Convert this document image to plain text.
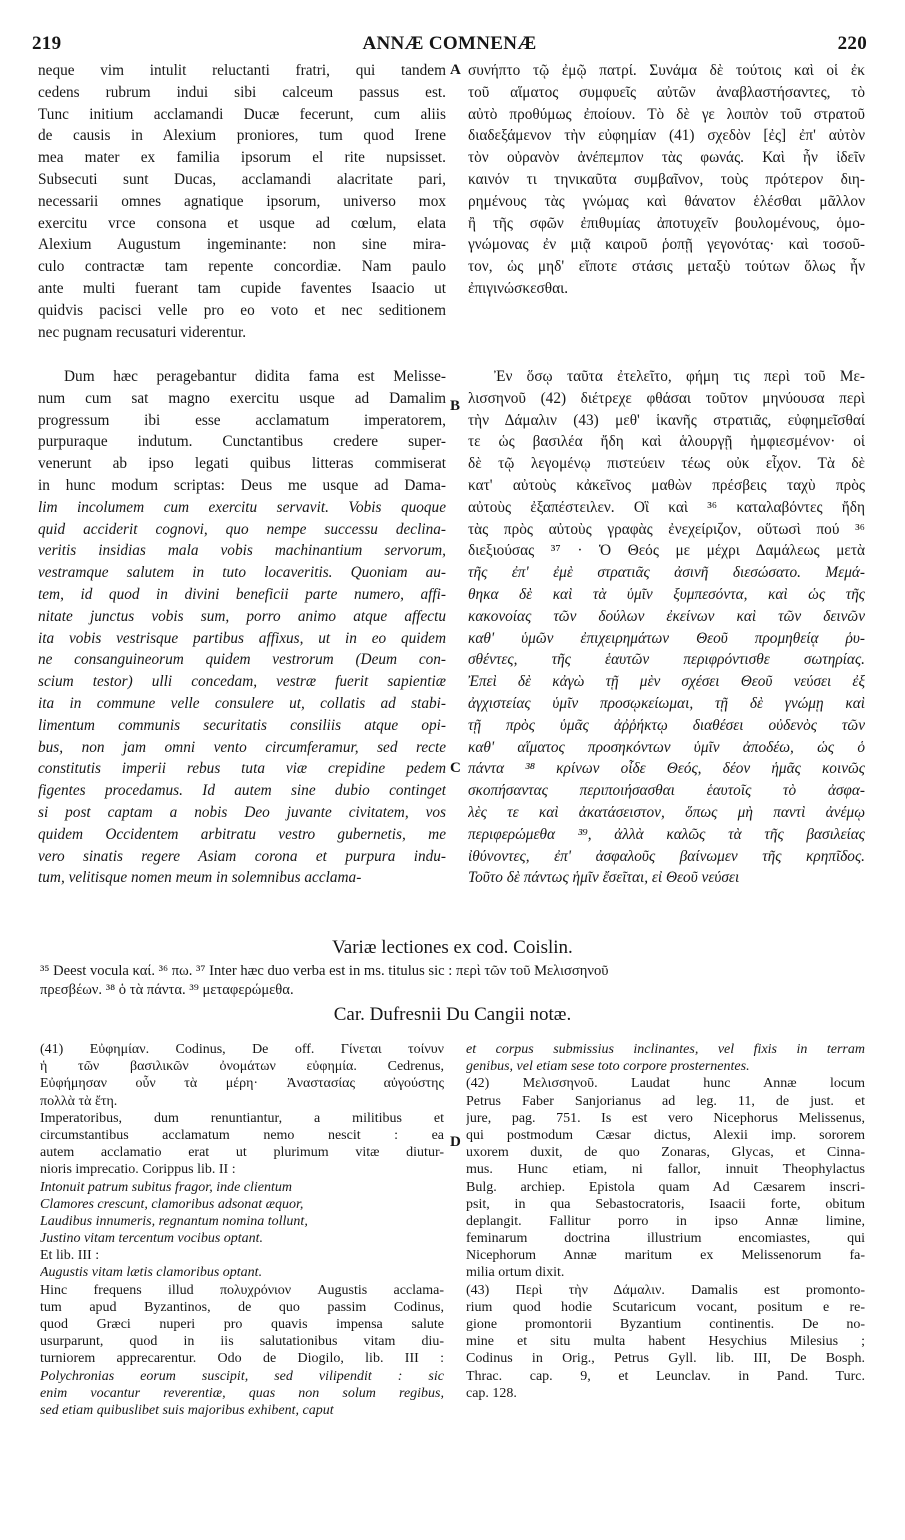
219	ANNÆ COMNENÆ	220
neque vim intulit reluctanti fratri, qui tandem
cedens rubrum indui sibi calceum passus est.
Tunc initium acclamandi Ducæ fecerunt, cum aliis
de causis in Alexium proniores, tum quod Irene
mea mater ex familia ipsorum el rite nupsisset.
Subsecuti sunt Ducas, acclamandi alacritate pari,
necessarii omnes agnatique ipsorum, universo mox
exercitu vᴦce consona et usque ad cœlum, elata
Alexium Augustum ingeminante: non sine mira-
culo contractæ tam repente concordiæ. Nam paulo
ante multi fuerant tam cupide faventes Isaacio ut
quidvis pacisci velle pro eo voto et nec seditionem
nec pugnam recusaturi viderentur.
Dum hæc peragebantur didita fama est Melisse-
num cum sat magno exercitu usque ad Damalim
progressum ibi esse acclamatum imperatorem,
purpuraque indutum. Cunctantibus credere super-
venerunt ab ipso legati quibus litteras commiserat
in hunc modum scriptas: Deus me usque ad Dama-
lim incolumem cum exercitu servavit. Vobis quoque
quid acciderit cognovi, quo nempe successu declina-
veritis insidias mala vobis machinantium servorum,
vestramque salutem in tuto locaveritis. Quoniam au-
tem, id quod in divini beneficii parte numero, affi-
nitate junctus vobis sum, porro animo atque affectu
ita vobis vestrisque partibus affixus, ut in eo quidem
ne consanguineorum quidem vestrorum (Deum con-
scium testor) ulli concedam, vestræ fuerit sapientiæ
ita in commune velle consulere ut, collatis ad stabi-
limentum communis securitatis consiliis atque opi-
bus, non jam omni vento circumferamur, sed recte
constitutis imperii rebus tuta viæ crepidine pedem
figentes procedamus. Id autem sine dubio continget
si post captam a nobis Deo juvante civitatem, vos
quidem Occidentem arbitratu vestro gubernetis, me
vero sinatis regere Asiam corona et purpura indu-
tum, velitisque nomen meum in solemnibus acclama-
συνήπτο τῷ ἐμῷ πατρί. Συνάμα δὲ τούτοις καὶ οἱ ἐκ
τοῦ αἵματος συμφυεῖς αὐτῶν ἀναβλαστήσαντες, τὸ
αὐτὸ προθύμως ἐποίουν. Τὸ δὲ γε λοιπὸν τοῦ στρατοῦ
διαδεξάμενον τὴν εὐφημίαν (41) σχεδὸν [ἐς] ἐπ' αὐτὸν
τὸν οὐρανὸν ἀνέπεμπον τὰς φωνάς. Καὶ ἦν ἰδεῖν
καινόν τι τηνικαῦτα συμβαῖνον, τοὺς πρότερον διη-
ρημένους τὰς γνώμας καὶ θάνατον ἑλέσθαι μᾶλλον
ἢ τῆς σφῶν ἐπιθυμίας ἀποτυχεῖν βουλομένους, ὁμο-
γνώμονας ἐν μιᾷ καιροῦ ῥοπῇ γεγονότας· καὶ τοσοῦ-
τον, ὡς μηδ' εἴποτε στάσις μεταξὺ τούτων ὅλως ἦν
ἐπιγινώσκεσθαι.
Ἐν ὅσῳ ταῦτα ἐτελεῖτο, φήμη τις περὶ τοῦ Με-
λισσηνοῦ (42) διέτρεχε φθάσαι τοῦτον μηνύουσα περὶ
τὴν Δάμαλιν (43) μεθ' ἱκανῆς στρατιᾶς, εὐφημεῖσθαί
τε ὡς βασιλέα ἤδη καὶ ἁλουργῇ ἠμφιεσμένον· οἱ
δὲ τῷ λεγομένῳ πιστεύειν τέως οὐκ εἶχον. Τὰ δὲ
κατ' αὐτοὺς κἀκεῖνος μαθὼν πρέσβεις ταχὺ πρὸς
αὐτοὺς ἐξαπέστειλεν. Οἳ καὶ ³⁶ καταλαβόντες ἤδη
τὰς πρὸς αὐτοὺς γραφὰς ἐνεχείριζον, οὕτωσὶ πού ³⁶
διεξιούσας ³⁷ · Ὁ Θεός με μέχρι Δαμάλεως μετὰ
τῆς ἐπ' ἐμὲ στρατιᾶς ἀσινῆ διεσώσατο. Μεμά-
θηκα δὲ καὶ τὰ ὑμῖν ξυμπεσόντα, καὶ ὡς τῆς
κακονοίας τῶν δούλων ἐκείνων καὶ τῶν δεινῶν
καθ' ὑμῶν ἐπιχειρημάτων Θεοῦ προμηθείᾳ ῥυ-
σθέντες, τῆς ἑαυτῶν περιφρόντισθε σωτηρίας.
Ἐπεὶ δὲ κἀγὼ τῇ μὲν σχέσει Θεοῦ νεύσει ἐξ
ἀγχιστείας ὑμῖν προσῳκείωμαι, τῇ δὲ γνώμῃ καὶ
τῇ πρὸς ὑμᾶς ἀῤῥήκτῳ διαθέσει οὐδενὸς τῶν
καθ' αἵματος προσηκόντων ὑμῖν ἀποδέω, ὡς ὁ
πάντα ³⁸ κρίνων οἶδε Θεός, δέον ἡμᾶς κοινῶς
σκοπήσαντας περιποιήσασθαι ἑαυτοῖς τὸ ἀσφα-
λὲς τε καὶ ἀκατάσειστον, ὅπως μὴ παντὶ ἀνέμῳ
περιφερώμεθα ³⁹, ἀλλὰ καλῶς τὰ τῆς βασιλείας
ἰθύνοντες, ἐπ' ἀσφαλοῦς βαίνωμεν τῆς κρηπῖδος.
Τοῦτο δὲ πάντως ἡμῖν ἔσεῖται, εἰ Θεοῦ νεύσει
A
B
C
D
Variæ lectiones ex cod. Coislin.
³⁵ Deest vocula καί. ³⁶ πω. ³⁷ Inter hæc duo verba est in ms. titulus sic : περὶ τῶν τοῦ Μελισσηνοῦ
πρεσβέων. ³⁸ ὁ τὰ πάντα. ³⁹ μεταφερώμεθα.
Car. Dufresnii Du Cangii notæ.
(41) Εὐφημίαν. Codinus, De off. Γίνεται τοίνυν
ἡ τῶν βασιλικῶν ὀνομάτων εὐφημία. Cedrenus,
Εὐφήμησαν οὖν τὰ μέρη· Ἀναστασίας αὐγούστης
πολλὰ τὰ ἔτη.
Imperatoribus, dum renuntiantur, a militibus et
circumstantibus acclamatum nemo nescit : ea
autem acclamatio erat ut plurimum vitæ diutur-
nioris imprecatio. Corippus lib. II :
Intonuit patrum subitus fragor, inde clientum
Clamores crescunt, clamoribus adsonat æquor,
Laudibus innumeris, regnantum nomina tollunt,
Justino vitam tercentum vocibus optant.
Et lib. III :
Augustis vitam lætis clamoribus optant.
Hinc frequens illud πολυχρόνιον Augustis acclama-
tum apud Byzantinos, de quo passim Codinus,
quod Græci nuperi pro quavis impensa salute
usurparunt, quod in iis salutationibus vitam diu-
turniorem apprecarentur. Odo de Diogilo, lib. III :
Polychronias eorum suscipit, sed vilipendit : sic
enim vocantur reverentiæ, quas non solum regibus,
sed etiam quibuslibet suis majoribus exhibent, caput
et corpus submissius inclinantes, vel fixis in terram
genibus, vel etiam sese toto corpore prosternentes.
(42) Μελισσηνοῦ. Laudat hunc Annæ locum
Petrus Faber Sanjorianus ad leg. 11, de just. et
jure, pag. 751. Is est vero Nicephorus Melissenus,
qui postmodum Cæsar dictus, Alexii imp. sororem
uxorem duxit, de quo Zonaras, Glycas, et Cinna-
mus. Hunc etiam, ni fallor, innuit Theophylactus
Bulg. archiep. Epistola quam Ad Cæsarem inscri-
psit, in qua Sebastocratoris, Isaacii forte, obitum
deplangit. Fallitur porro in ipso Annæ limine,
feminarum doctrina illustrium encomiastes, qui
Nicephorum Annæ maritum ex Melissenorum fa-
milia ortum dixit.
(43) Περὶ τὴν Δάμαλιν. Damalis est promonto-
rium quod hodie Scutaricum vocant, positum e re-
gione promontorii Byzantium continentis. De no-
mine et situ multa habent Hesychius Milesius ;
Codinus in Orig., Petrus Gyll. lib. III, De Bosph.
Thrac. cap. 9, et Leunclav. in Pand. Turc.
cap. 128.
